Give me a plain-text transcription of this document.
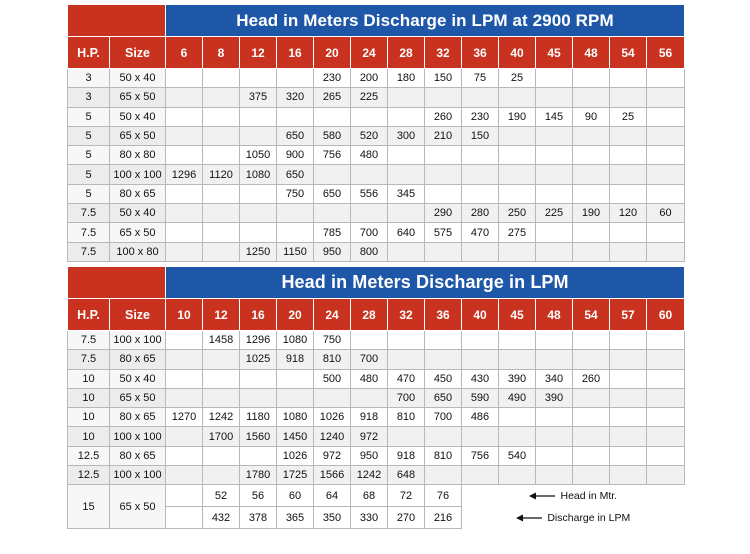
		Head in Meters Discharge in LPM at 2900 RPM													
H.P.	Size	6	8	12	16	20	24	28	32	36	40	45	48	54	56
3	50 x 40					230	200	180	150	75	25				
3	65 x 50			375	320	265	225								
5	50 x 40								260	230	190	145	90	25	
5	65 x 50				650	580	520	300	210	150					
5	80 x 80			1050	900	756	480								
5	100 x 100	1296	1120	1080	650										
5	80 x 65				750	650	556	345							
7.5	50 x 40								290	280	250	225	190	120	60
7.5	65 x 50					785	700	640	575	470	275				
7.5	100 x 80			1250	1150	950	800								
		Head in Meters Discharge in LPM													
H.P.	Size	10	12	16	20	24	28	32	36	40	45	48	54	57	60
7.5	100 x 100		1458	1296	1080	750									
7.5	80 x 65			1025	918	810	700								
10	50 x 40					500	480	470	450	430	390	340	260		
10	65 x 50							700	650	590	490	390			
10	80 x 65	1270	1242	1180	1080	1026	918	810	700	486					
10	100 x 100		1700	1560	1450	1240	972								
12.5	80 x 65				1026	972	950	918	810	756	540				
12.5	100 x 100			1780	1725	1566	1242	648							
15	65 x 50		52	56	60	64	68	72	76	Head in Mtr.					
			432	378	365	350	330	270	216	Discharge in LPM					
